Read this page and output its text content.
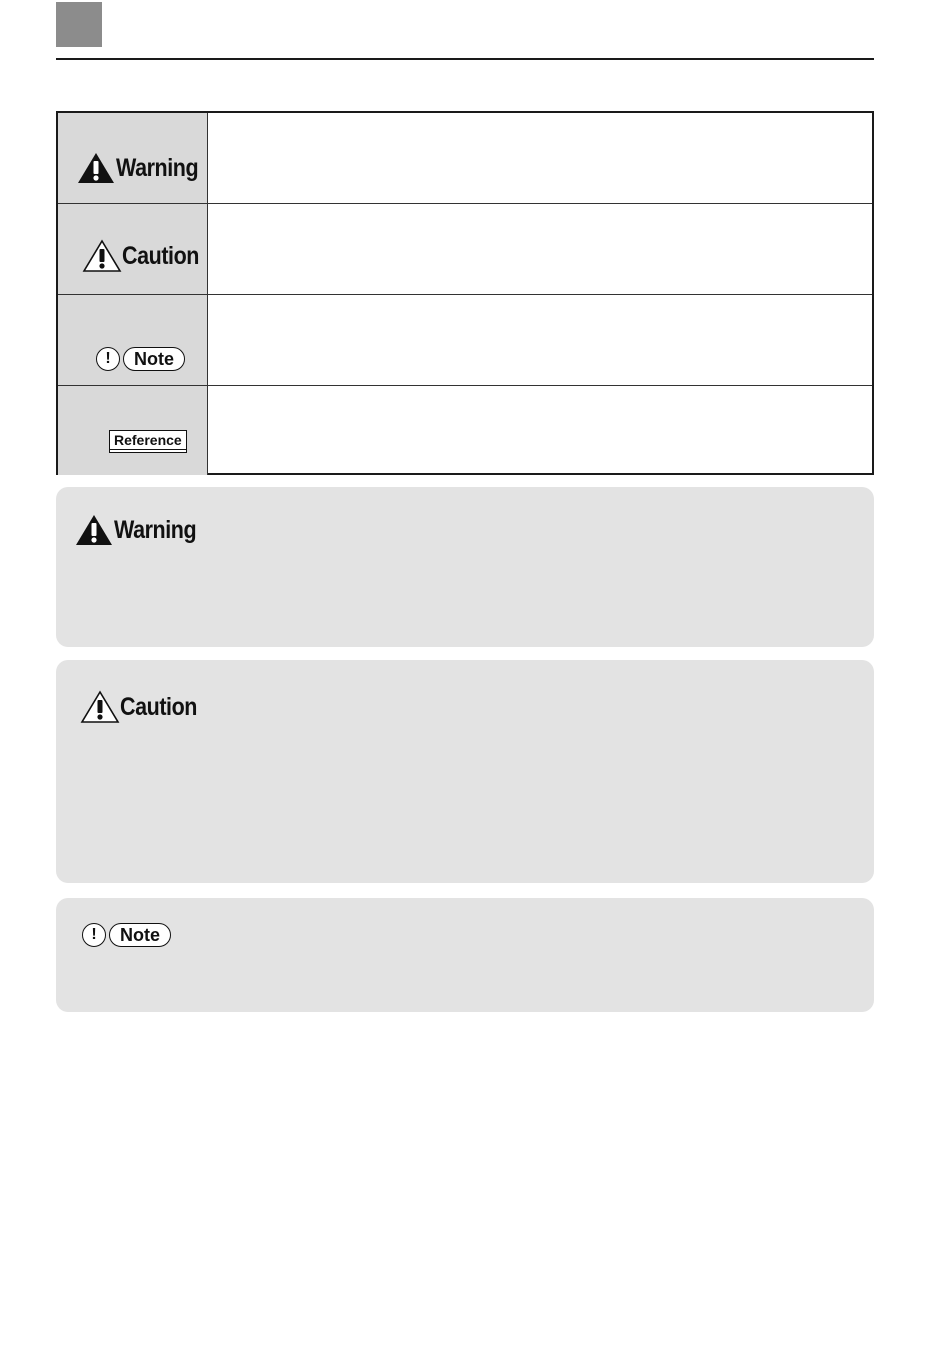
Warning
Caution
!	Note
Reference
Warning
Caution
!	Note
